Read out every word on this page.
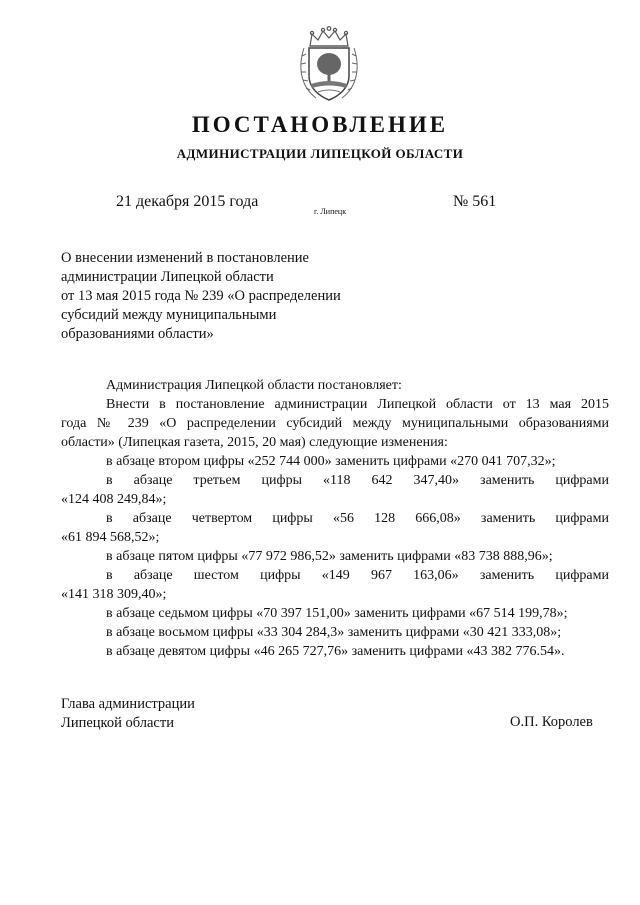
ПОСТАНОВЛЕНИЕ
АДМИНИСТРАЦИИ ЛИПЕЦКОЙ ОБЛАСТИ
21 декабря 2015 года
г. Липецк
№ 561
О внесении изменений в постановление
администрации Липецкой области
от 13 мая 2015 года № 239 «О распределении
субсидий между муниципальными
образованиями области»
Администрация Липецкой области постановляет:
Внести в постановление администрации Липецкой области от 13 мая 2015
года № 239 «О распределении субсидий между муниципальными образованиями
области» (Липецкая газета, 2015, 20 мая) следующие изменения:
в абзаце втором цифры «252 744 000» заменить цифрами «270 041 707,32»;
в абзаце третьем цифры «118 642 347,40» заменить цифрами
«124 408 249,84»;
в абзаце четвертом цифры «56 128 666,08» заменить цифрами
«61 894 568,52»;
в абзаце пятом цифры «77 972 986,52» заменить цифрами «83 738 888,96»;
в абзаце шестом цифры «149 967 163,06» заменить цифрами
«141 318 309,40»;
в абзаце седьмом цифры «70 397 151,00» заменить цифрами «67 514 199,78»;
в абзаце восьмом цифры «33 304 284,3» заменить цифрами «30 421 333,08»;
в абзаце девятом цифры «46 265 727,76» заменить цифрами «43 382 776.54».
Глава администрации
Липецкой области	О.П. Королев
